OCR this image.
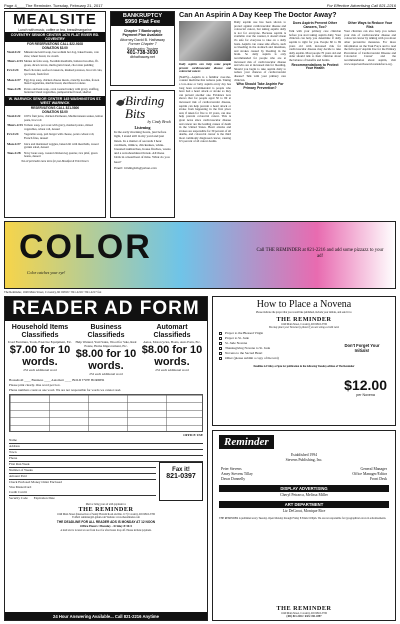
Page 4____The Reminder. Tuesday, February 21, 2017	For Effective Advertising Call 821-2216
MEALSITE
Lunch with music, coffee or tea, bread/margarine
COVENTRY SENIOR CENTER 1670 FLAT RIVER RD. COVENTRY
FOR RESERVATIONS CALL 822-9108
DONATION $3.00
Wed.2/22	Minestrone lentil soup, bee sodium hot dog, baked beans, cole slaw, wheat bread, ice cream
Thurs.2/23 Menus de fetta soup, Swedish meatballs, buttered noodles, fft. green, diced carrots, multi-grain bread, chocolate pudding
Fri.2/24	Beef chowder, seafood casserole, mashed potatoes, broccoli cuts, rye bread, fresh fruit
Mon.2/27	Egg drop soup, chicken cheese meats, crunchy noodles, frozen blend vegetables, marble bread, shortbread cookies
Tues.2/28	Potato and leek soup, oven roasted turkey with gravy, stuffing, butternut blend vegetables, pumpernickel bread, sherbet
W. WARWICK SENIOR CENTER 145 WASHINGTON ST. WEST WARWICK
RESERVATIONS CALL 821-5800
DONATION $3.00
Wed.2/22	100% fruit juice, chicken Parmesan, Mediterranean sautee, lemon pasta, broccoli
Thurs.2/23 Tomato soup, pot roast with gravy, mashed potato, mixed vegetables, wheat roll, dessert
Fri.2/24	Vegetable soup, pub burger with cheese, potato wheat roll, French fries, dessert
Mon.2/27	Juice and marinated veggies, baked ziti with meatballs, tossed garden salad, dessert
Tues.2/28	Navy bean soup, roasted chicken leg quarter, rice pilaf, green beans, dessert
Not all perishable menu items for post-Breakfast & Thin Dinners
BANKRUPTCY
$950 Flat Fee
Chapter 7 Bankruptcy
Payment Plan Available
Attorney David B. Hathaway
Former Chapter 7
Bankruptcy Trustee
401-738-3030
dbhathaway.net
Birding Bits
by Cindy Brock
Listening
In the early morning hours, just before light, I stand still in my yard and just listen. In a matter of seconds I hear cardinals, titmice, chickadees, white-breasted nuthatches, house finches, wrens and a red-shouldered hawk. All these birds in a heartbeat of time. What do you hear?
Email: birdingbits@yahoo.com
Can An Aspirin A Day Keep The Doctor Away?
Daily aspirin can help some people prevent cardiovascular disease and colorectal cancer.
(NAPS)—Aspirin is a familiar over-the-counter medicine that reduces pain. Taking a low-dose or baby aspirin every day has long been recommended to people who have had a heart attack or stroke so they can prevent another one. Evidence now shows that for people aged 50 to 69 at increased risk of cardiovascular disease, aspirin can help prevent a heart attack or stroke from happening in the first place and, if taken for five to 10 years, can also help prevent colorectal cancer. This is great news since cardiovascular disease and cancer are the leading causes of death in the United States. Heart attacks and strokes are responsible for 30 percent of all deaths, and colorectal cancer is the third most commonly diagnosed cancer, causing 9.5 percent of all cancer deaths.
Daily aspirin use has been shown to protect against cardiovascular disease and colorectal cancer, but taking aspirin daily is not for everyone. Because aspirin is available over the counter, it doesn't mean it's safe for everyone to take on a daily basis. Aspirin can cause side effects, such as bleeding in the stomach and intestines, and strokes caused by bleeding in the brain. So daily aspirin is only recommended for people who are at increased risk of cardiovascular disease and who are at increased risk for bleeding. Should you begin to take aspirin daily to reduce your chances of cardiovascular disease? Talk with your primary care clinician.
Who Should Take Aspirin For Primary Prevention?
Does Aspirin Prevent Other Cancers, Too?
Talk with your primary care clinician before you start taking aspirin daily. Your clinician can help you determine if daily aspirin is right for you. People 60 to 69 years old with increased risk for cardiovascular disease may decide to take daily aspirin. Most people 70 years old and older should talk to their clinician about the balance of benefits and harms.
Recommendations to Protect Your Health
Other Ways to Reduce Your Risk
Your clinician can also help you reduce your risk of cardiovascular disease and colorectal cancer by talking with you about other preventive measures. For more information on the Task Force and to read the full report 'Aspirin Use for the Primary Prevention of Cardiovascular Disease and Colorectal Cancer' and the recommendation about aspirin, visit www.uspreventiveservicestaskforce.org.
COLOR
Color catches your eye!
Call THE REMINDER at 821-2216 and add some pizzazz to your ad!
The Reminder, 1049 Main Street, Coventry, RI 02816 • 821-2216 • 821-2217 fax
READER AD FORM
Household Items Classifieds
Used Furniture, Tools, Exercise Equipment, Etc.
$7.00 for 10 words.
25¢ each additional word
Business Classifieds
Help Wanted, Yard Sales, Wood for Sale, Real Estate, Home Improvement, Etc.
$8.00 for 10 words.
25¢ each additional word
Automart Classifieds
Autos, Motorcycles, Boats, Auto Parts, Etc.
$8.00 for 10 words.
25¢ each additional word
Household ____ Business ____ Automart ____ BOLD TYPE BORDER
Please print clearly. One word per box.
Phone numbers count as one word. We are not responsible for words we cannot read.
OFFICE USE
Name
Address
Town
Phone
First Run Week
Number of Weeks
Amount Paid
Check Enclosed Money Order Enclosed
Visa MasterCard
Credit Card #
Security Code Expiration Date
Fax it!
821-0397
Mail or bring your ad with payment to:
THE REMINDER
1049 Main Street (intersection of Sandy Bottom Road and Rte. 117) Coventry, RI 02816-5706
E-Mail: reminder@ri.gmail.com Website: www.thereminder.com
THE DEADLINE FOR ALL READER ADS IS MONDAY AT 12 NOON
Office Hours: Monday - Friday 8:30-5
A mail slot is located on our front door for after hours drop off. Please include payment.
24 Hour Answering Available... Call 821-2216 Anytime
How to Place a Novena
Please indicate the prayer that you would like published, include your initials, and send it to:
THE REMINDER
1049 Main Street, Coventry, RI 02816-5706
You may place your Novena by phone if you are using a credit card.
Prayer to the Blessed Virgin
Prayer to St. Jude
St. Jude Novena
Thanksgiving Novena to St. Jude
Novena to the Sacred Heart
Other (please submit a copy of the text)
Don't Forget Your Initials!
$12.00
per Novena
Deadline is Friday at 5pm for publication in the following Tuesday edition of The Reminder
Reminder
Established 1994
Stevens Publishing, Inc.
Peter Stevens	General Manager
Amey Stevens Tillay	Office Manager/Editor
Dawn Donnelly	Front Desk
DISPLAY ADVERTISING
Cheryl Petrarca, Melissa Miller
ART DEPARTMENT
Liz DeGroat, Monique Rice
THE REMINDER is published every Tuesday. Open Monday through Friday 8:30am-5:00pm. We are not responsible for typographical errors in advertisements.
THE REMINDER
1049 Main Street, Coventry, RI 02816-5706
(401) 821-2216 • FAX: 821-0397
